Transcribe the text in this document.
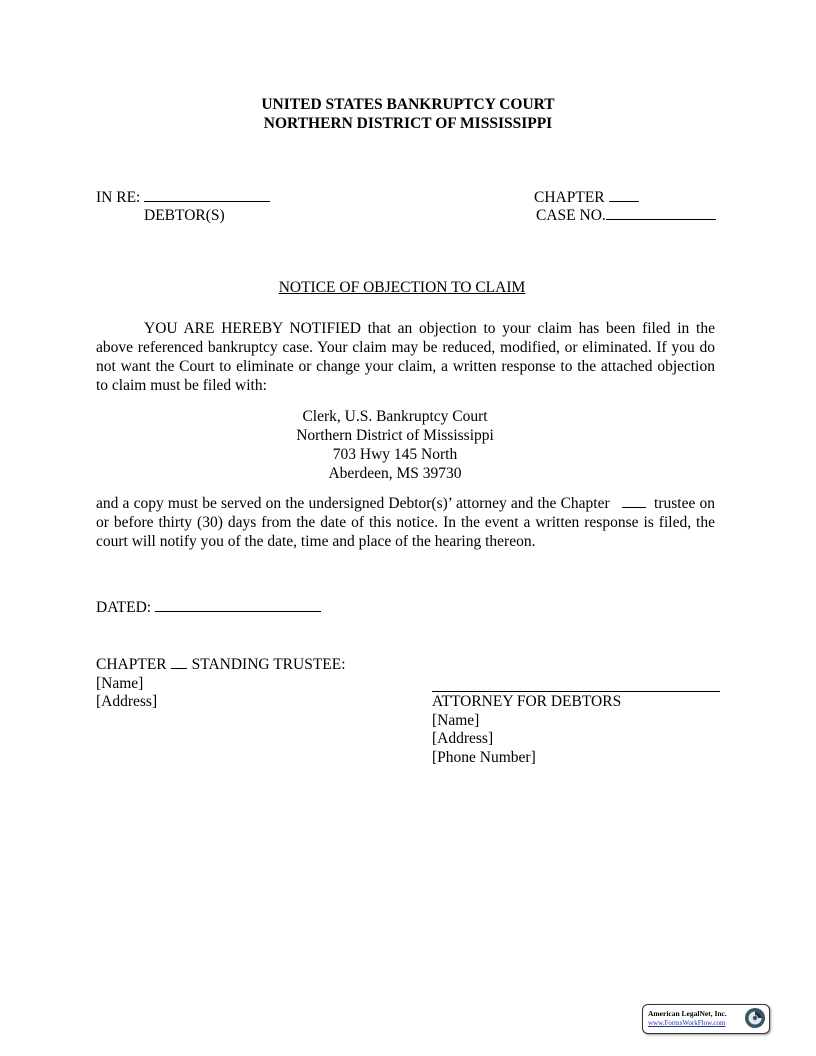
UNITED STATES BANKRUPTCY COURT
NORTHERN DISTRICT OF MISSISSIPPI
IN RE:
DEBTOR(S)
CHAPTER
CASE NO.
NOTICE OF OBJECTION TO CLAIM
YOU ARE HEREBY NOTIFIED that an objection to your claim has been filed in the above referenced bankruptcy case. Your claim may be reduced, modified, or eliminated. If you do not want the Court to eliminate or change your claim, a written response to the attached objection to claim must be filed with:
Clerk, U.S. Bankruptcy Court
Northern District of Mississippi
703 Hwy 145 North
Aberdeen, MS 39730
and a copy must be served on the undersigned Debtor(s)’ attorney and the Chapter	trustee on or before thirty (30) days from the date of this notice. In the event a written response is filed, the court will notify you of the date, time and place of the hearing thereon.
DATED:
CHAPTER STANDING TRUSTEE:
[Name]
[Address]	ATTORNEY FOR DEBTORS
[Name]
[Address]
[Phone Number]
American LegalNet, Inc.
www.FormsWorkFlow.com
